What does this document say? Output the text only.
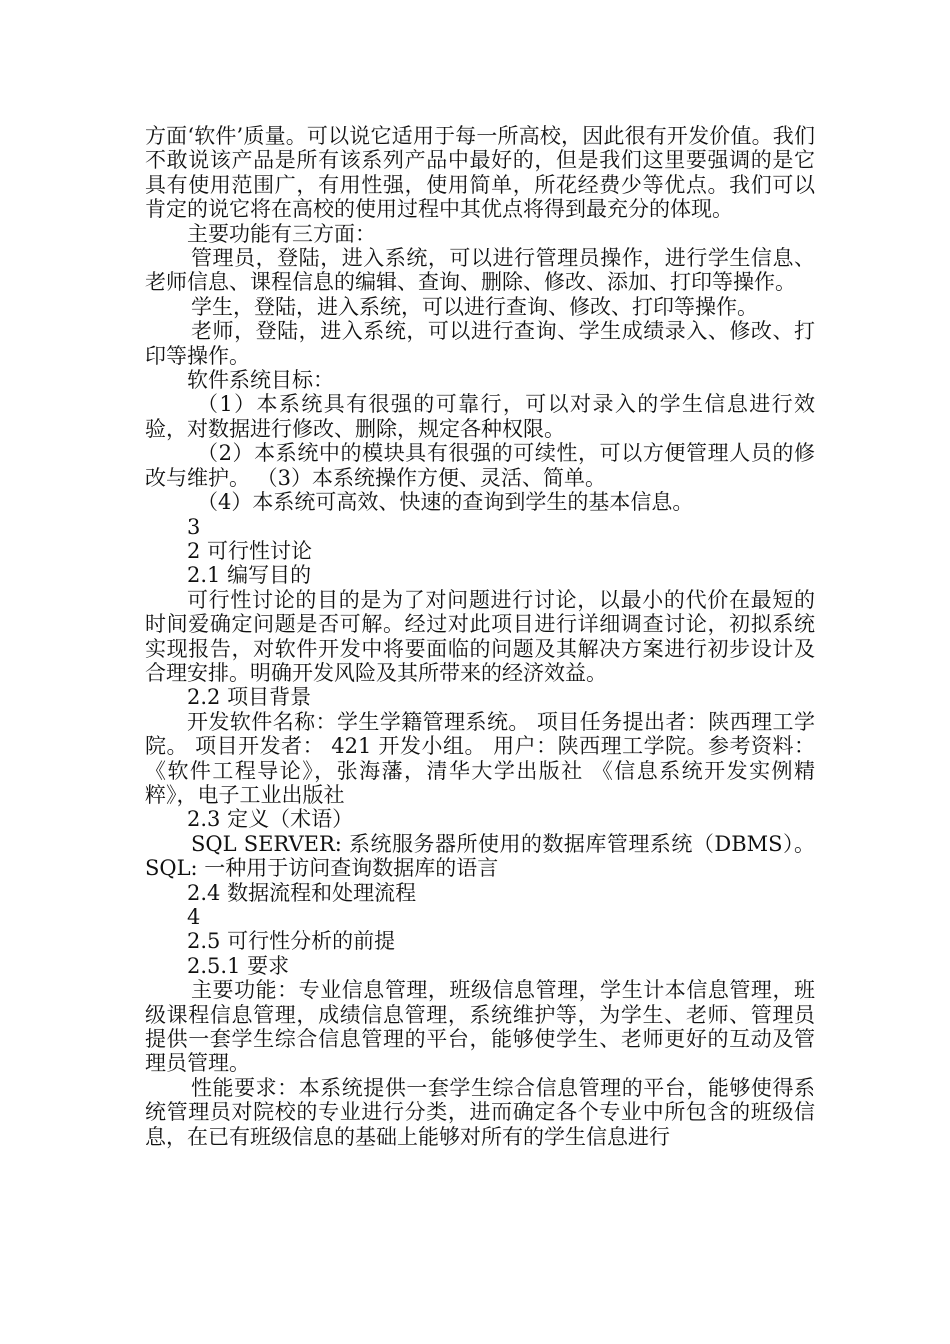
方面‘软件’质量。可以说它适用于每一所高校，因此很有开发价值。我们不敢说该产品是所有该系列产品中最好的，但是我们这里要强调的是它具有使用范围广，有用性强，使用简单，所花经费少等优点。我们可以肯定的说它将在高校的使用过程中其优点将得到最充分的体现。

主要功能有三方面：

管理员，登陆，进入系统，可以进行管理员操作，进行学生信息、老师信息、课程信息的编辑、查询、删除、修改、添加、打印等操作。

学生，登陆，进入系统，可以进行查询、修改、打印等操作。

老师，登陆，进入系统，可以进行查询、学生成绩录入、修改、打印等操作。

软件系统目标：

（1）本系统具有很强的可靠行，可以对录入的学生信息进行效验，对数据进行修改、删除，规定各种权限。

（2）本系统中的模块具有很强的可续性，可以方便管理人员的修改与维护。 （3）本系统操作方便、灵活、简单。

（4）本系统可高效、快速的查询到学生的基本信息。

3

2 可行性讨论

2.1 编写目的

可行性讨论的目的是为了对问题进行讨论，以最小的代价在最短的时间爱确定问题是否可解。经过对此项目进行详细调查讨论，初拟系统实现报告，对软件开发中将要面临的问题及其解决方案进行初步设计及合理安排。明确开发风险及其所带来的经济效益。

2.2 项目背景

开发软件名称：学生学籍管理系统。 项目任务提出者：陕西理工学院。 项目开发者： 421 开发小组。 用户：陕西理工学院。参考资料：《软件工程导论》，张海藩，清华大学出版社 《信息系统开发实例精粹》，电子工业出版社

2.3 定义（术语）

SQL SERVER: 系统服务器所使用的数据库管理系统（DBMS）。SQL: 一种用于访问查询数据库的语言

2.4 数据流程和处理流程

4

2.5 可行性分析的前提

2.5.1 要求

主要功能：专业信息管理，班级信息管理，学生计本信息管理，班级课程信息管理，成绩信息管理，系统维护等，为学生、老师、管理员提供一套学生综合信息管理的平台，能够使学生、老师更好的互动及管理员管理。

性能要求：本系统提供一套学生综合信息管理的平台，能够使得系统管理员对院校的专业进行分类，进而确定各个专业中所包含的班级信息，在已有班级信息的基础上能够对所有的学生信息进行
